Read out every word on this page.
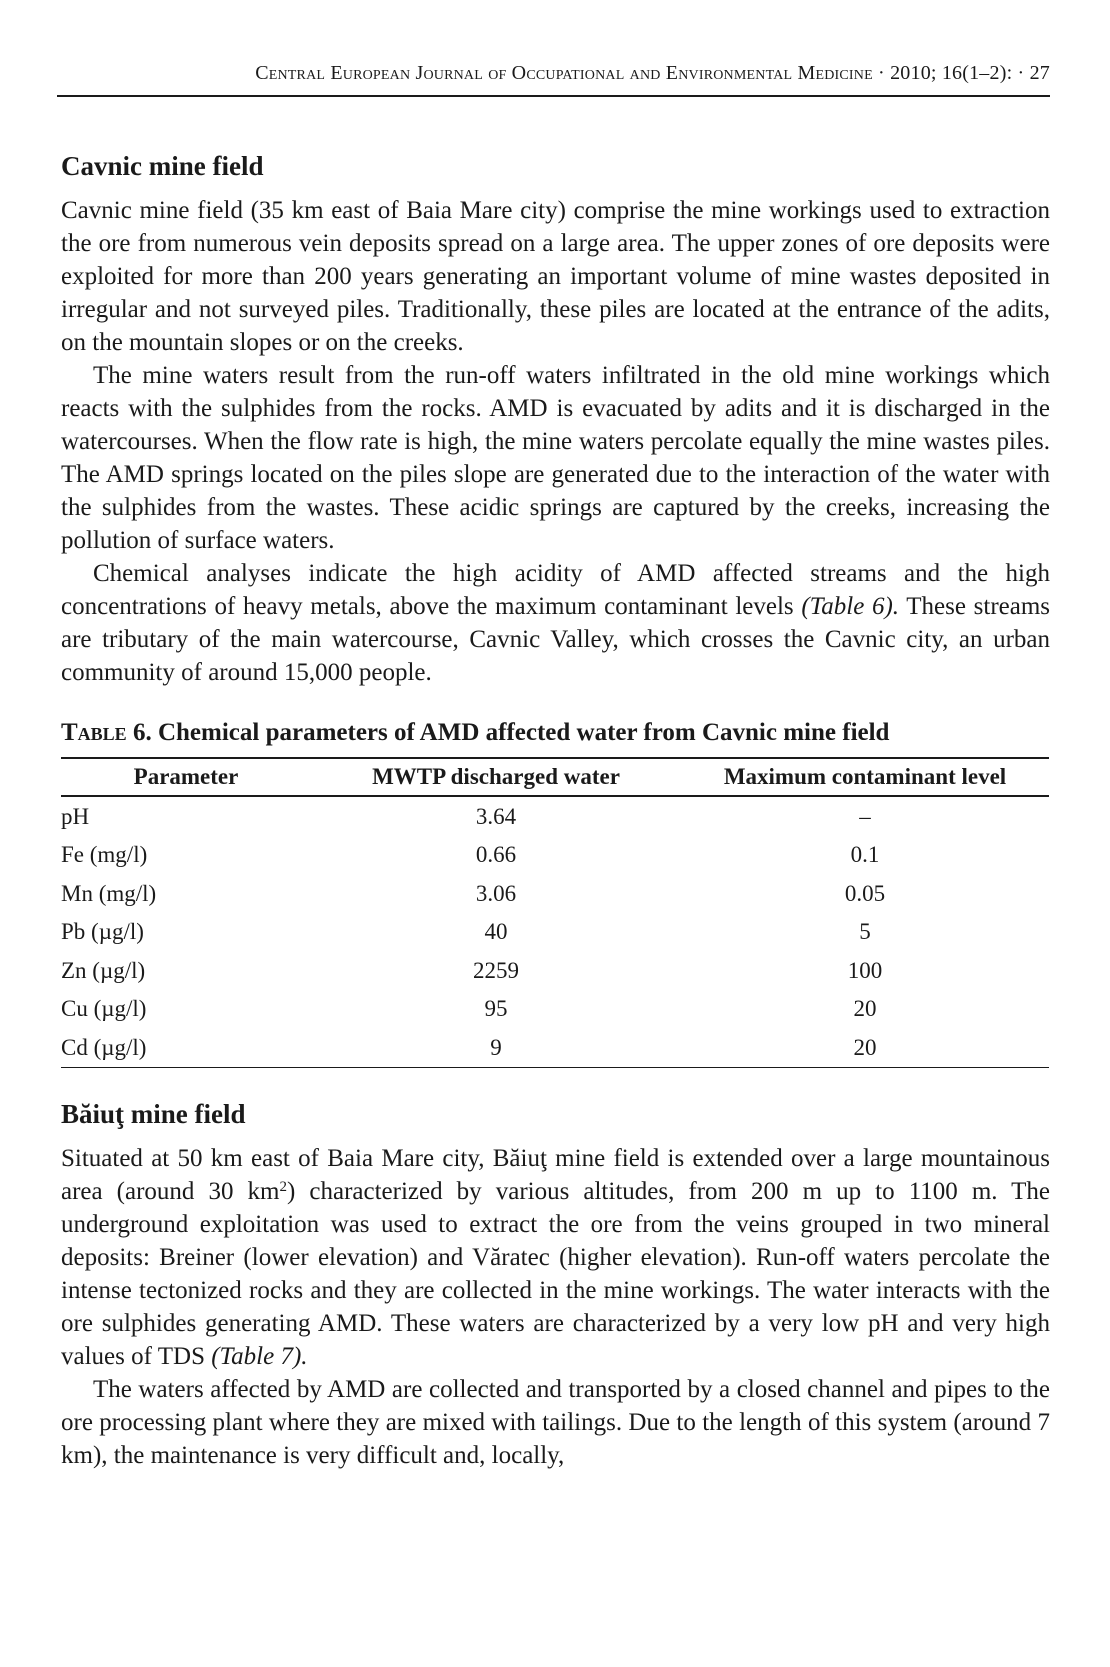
Central European Journal of Occupational and Environmental Medicine · 2010; 16(1–2): · 27
Cavnic mine field

Cavnic mine field (35 km east of Baia Mare city) comprise the mine workings used to extraction the ore from numerous vein deposits spread on a large area. The upper zones of ore deposits were exploited for more than 200 years generating an important volume of mine wastes deposited in irregular and not surveyed piles. Traditionally, these piles are located at the entrance of the adits, on the mountain slopes or on the creeks.

The mine waters result from the run-off waters infiltrated in the old mine workings which reacts with the sulphides from the rocks. AMD is evacuated by adits and it is discharged in the watercourses. When the flow rate is high, the mine waters percolate equally the mine wastes piles. The AMD springs located on the piles slope are generated due to the interaction of the water with the sulphides from the wastes. These acidic springs are captured by the creeks, increasing the pollution of surface waters.

Chemical analyses indicate the high acidity of AMD affected streams and the high concentrations of heavy metals, above the maximum contaminant levels (Table 6). These streams are tributary of the main watercourse, Cavnic Valley, which crosses the Cavnic city, an urban community of around 15,000 people.

Table 6. Chemical parameters of AMD affected water from Cavnic mine field
Parameter	MWTP discharged water	Maximum contaminant level
pH	3.64	–
Fe (mg/l)	0.66	0.1
Mn (mg/l)	3.06	0.05
Pb (µg/l)	40	5
Zn (µg/l)	2259	100
Cu (µg/l)	95	20
Cd (µg/l)	9	20
Băiuţ mine field

Situated at 50 km east of Baia Mare city, Băiuţ mine field is extended over a large mountainous area (around 30 $km^2$) characterized by various altitudes, from 200 m up to 1100 m. The underground exploitation was used to extract the ore from the veins grouped in two mineral deposits: Breiner (lower elevation) and Văratec (higher elevation). Run-off waters percolate the intense tectonized rocks and they are collected in the mine workings. The water interacts with the ore sulphides generating AMD. These waters are characterized by a very low pH and very high values of TDS (Table 7).

The waters affected by AMD are collected and transported by a closed channel and pipes to the ore processing plant where they are mixed with tailings. Due to the length of this system (around 7 km), the maintenance is very difficult and, locally,
